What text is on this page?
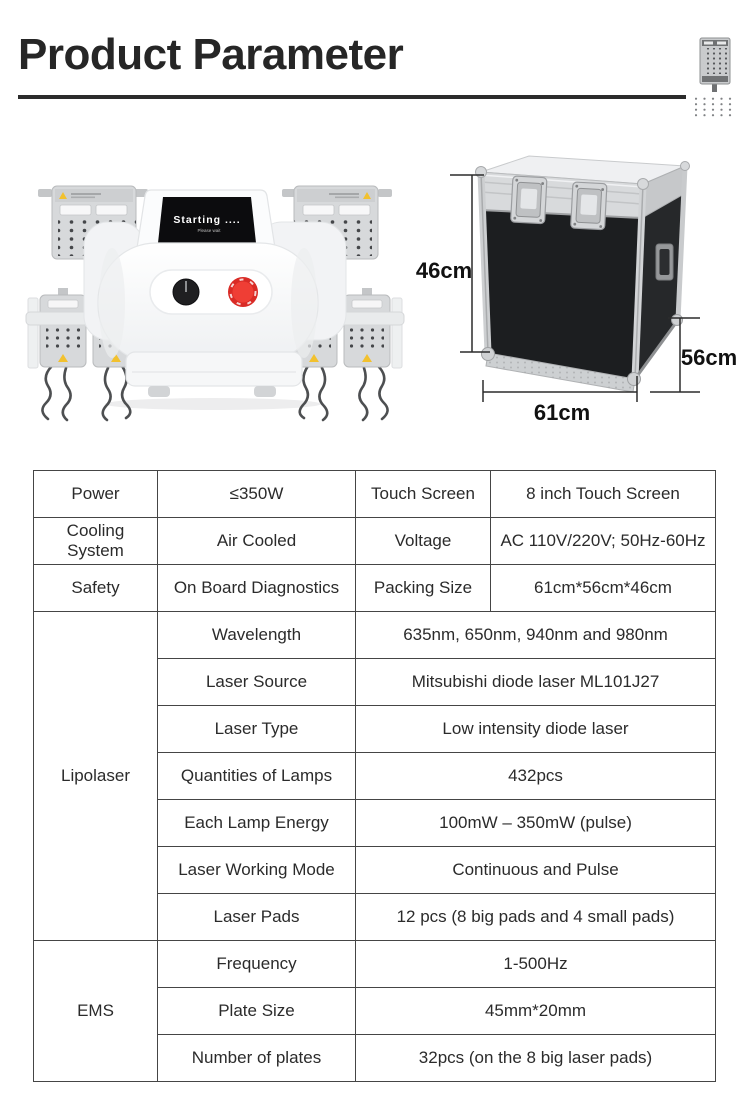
Product Parameter
Starting ....
Please wait
46cm
56cm
61cm
Power	≤350W	Touch Screen	8 inch Touch Screen
Cooling System	Air Cooled	Voltage	AC 110V/220V; 50Hz-60Hz
Safety	On Board Diagnostics	Packing Size	61cm*56cm*46cm
Lipolaser	Wavelength	635nm, 650nm, 940nm and 980nm	
	Laser Source	Mitsubishi diode laser ML101J27	
	Laser Type	Low intensity diode laser	
	Quantities of Lamps	432pcs	
	Each Lamp Energy	100mW – 350mW (pulse)	
	Laser Working Mode	Continuous and Pulse	
	Laser Pads	12 pcs (8 big pads and 4 small pads)	
EMS	Frequency	1-500Hz	
	Plate Size	45mm*20mm	
	Number of plates	32pcs (on the 8 big laser pads)	
